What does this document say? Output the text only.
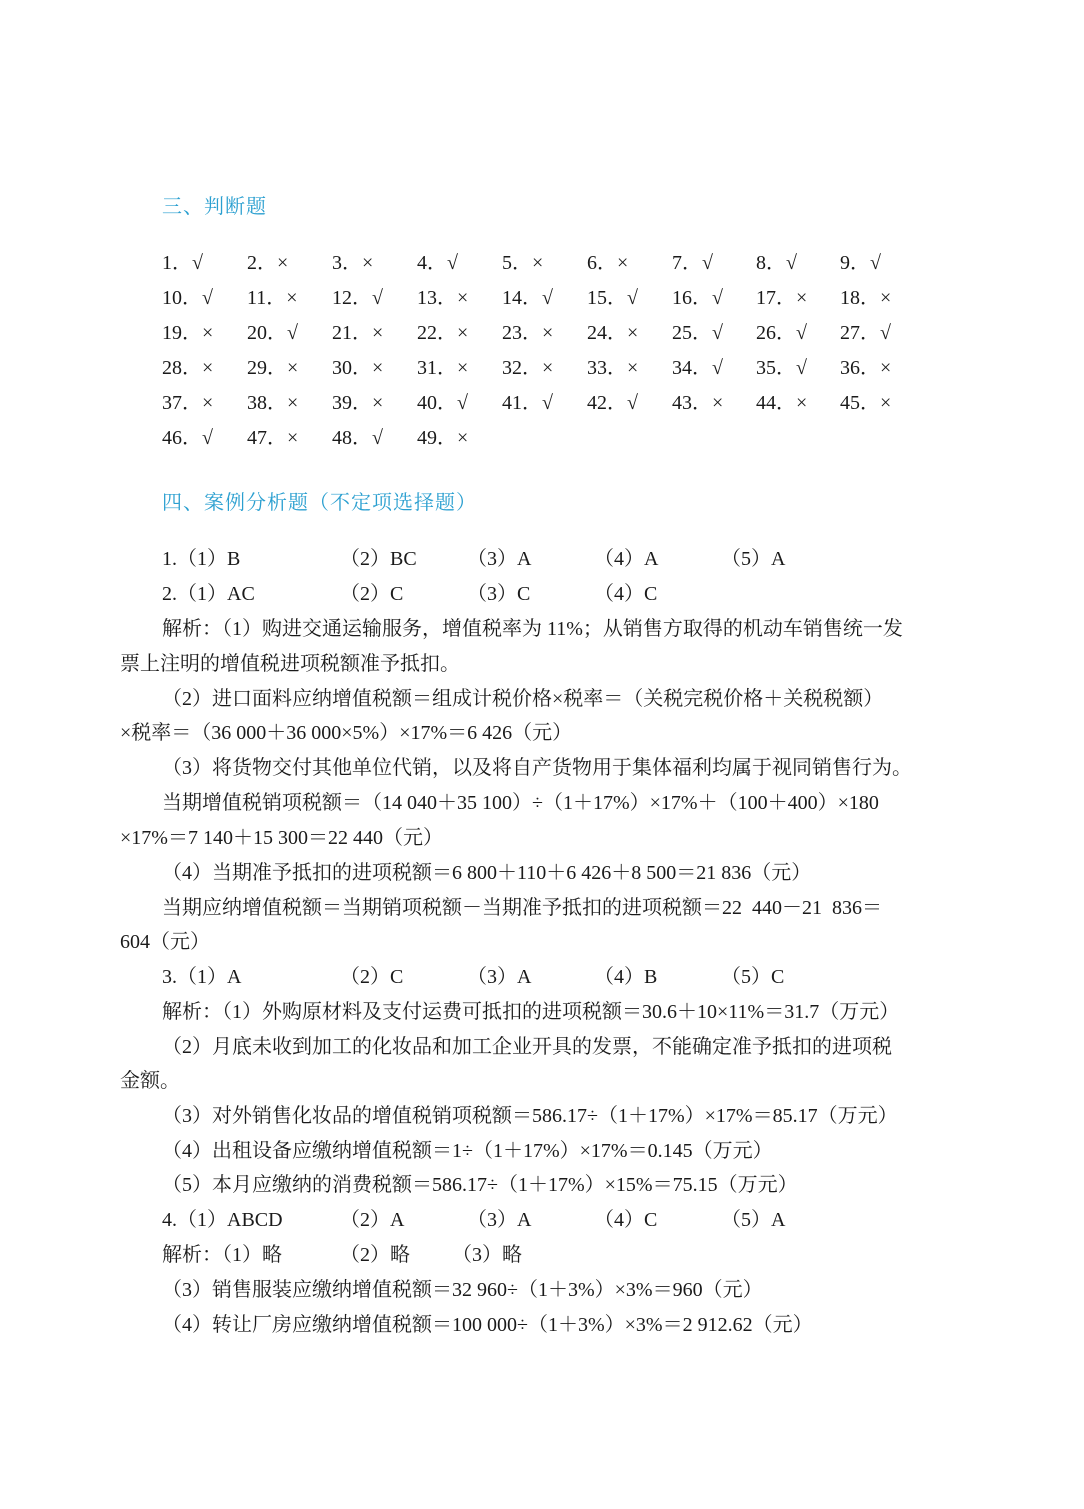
三、判断题
1．√ 2．× 3．× 4．√ 5．× 6．× 7．√ 8．√ 9．√
10．√ 11．× 12．√ 13．× 14．√ 15．√ 16．√ 17．× 18．×
19．× 20．√ 21．× 22．× 23．× 24．× 25．√ 26．√ 27．√
28．× 29．× 30．× 31．× 32．× 33．× 34．√ 35．√ 36．×
37．× 38．× 39．× 40．√ 41．√ 42．√ 43．× 44．× 45．×
46．√ 47．× 48．√ 49．×
四、案例分析题（不定项选择题）
1.（1）B	（2）BC	（3）A	（4）A	（5）A
2.（1）AC	（2）C	（3）C	（4）C
解析：（1）购进交通运输服务，增值税率为 11%；从销售方取得的机动车销售统一发
票上注明的增值税进项税额准予抵扣。
（2）进口面料应纳增值税额＝组成计税价格×税率＝（关税完税价格＋关税税额）
×税率＝（36 000＋36 000×5%）×17%＝6 426（元）
（3）将货物交付其他单位代销，以及将自产货物用于集体福利均属于视同销售行为。
当期增值税销项税额＝（14 040＋35 100）÷（1＋17%）×17%＋（100＋400）×180
×17%＝7 140＋15 300＝22 440（元）
（4）当期准予抵扣的进项税额＝6 800＋110＋6 426＋8 500＝21 836（元）
当期应纳增值税额＝当期销项税额－当期准予抵扣的进项税额＝22  440－21  836＝
604（元）
3.（1）A	（2）C	（3）A	（4）B	（5）C
解析：（1）外购原材料及支付运费可抵扣的进项税额＝30.6＋10×11%＝31.7（万元）
（2）月底未收到加工的化妆品和加工企业开具的发票，不能确定准予抵扣的进项税
金额。
（3）对外销售化妆品的增值税销项税额＝586.17÷（1＋17%）×17%＝85.17（万元）
（4）出租设备应缴纳增值税额＝1÷（1＋17%）×17%＝0.145（万元）
（5）本月应缴纳的消费税额＝586.17÷（1＋17%）×15%＝75.15（万元）
4.（1）ABCD	（2）A	（3）A	（4）C	（5）A
解析：（1）略	（2）略 （3）略
（3）销售服装应缴纳增值税额＝32 960÷（1＋3%）×3%＝960（元）
（4）转让厂房应缴纳增值税额＝100 000÷（1＋3%）×3%＝2 912.62（元）
